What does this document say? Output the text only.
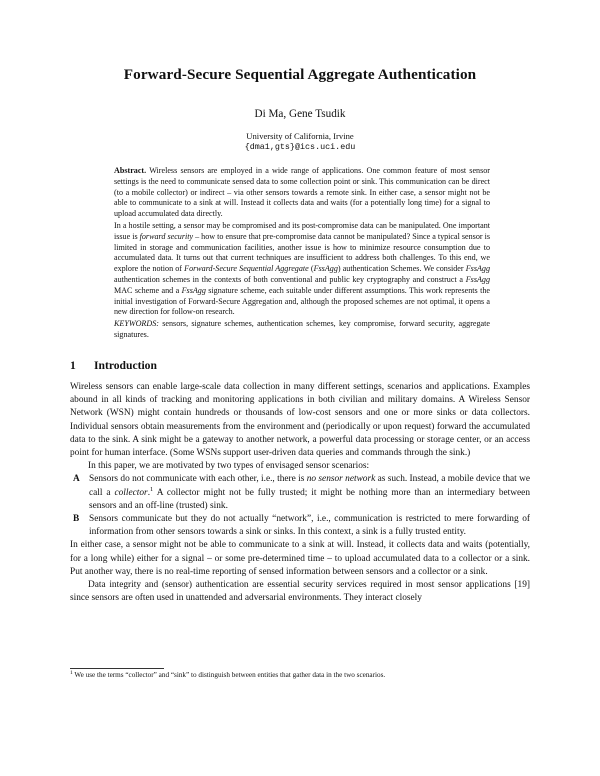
Forward-Secure Sequential Aggregate Authentication
Di Ma, Gene Tsudik
University of California, Irvine
{dma1,gts}@ics.uci.edu

Abstract. Wireless sensors are employed in a wide range of applications. One common feature of most sensor settings is the need to communicate sensed data to some collection point or sink. This communication can be direct (to a mobile collector) or indirect – via other sensors towards a remote sink. In either case, a sensor might not be able to communicate to a sink at will. Instead it collects data and waits (for a potentially long time) for a signal to upload accumulated data directly.

In a hostile setting, a sensor may be compromised and its post-compromise data can be manipulated. One important issue is forward security – how to ensure that pre-compromise data cannot be manipulated? Since a typical sensor is limited in storage and communication facilities, another issue is how to minimize resource consumption due to accumulated data. It turns out that current techniques are insufficient to address both challenges. To this end, we explore the notion of Forward-Secure Sequential Aggregate (FssAgg) authentication Schemes. We consider FssAgg authentication schemes in the contexts of both conventional and public key cryptography and construct a FssAgg MAC scheme and a FssAgg signature scheme, each suitable under different assumptions. This work represents the initial investigation of Forward-Secure Aggregation and, although the proposed schemes are not optimal, it opens a new direction for follow-on research.

KEYWORDS: sensors, signature schemes, authentication schemes, key compromise, forward security, aggregate signatures.

1 Introduction

Wireless sensors can enable large-scale data collection in many different settings, scenarios and applications. Examples abound in all kinds of tracking and monitoring applications in both civilian and military domains. A Wireless Sensor Network (WSN) might contain hundreds or thousands of low-cost sensors and one or more sinks or data collectors. Individual sensors obtain measurements from the environment and (periodically or upon request) forward the accumulated data to the sink. A sink might be a gateway to another network, a powerful data processing or storage center, or an access point for human interface. (Some WSNs support user-driven data queries and commands through the sink.)

In this paper, we are motivated by two types of envisaged sensor scenarios:

A Sensors do not communicate with each other, i.e., there is no sensor network as such. Instead, a mobile device that we call a collector.$^1$ A collector might not be fully trusted; it might be nothing more than an intermediary between sensors and an off-line (trusted) sink.
B Sensors communicate but they do not actually “network”, i.e., communication is restricted to mere forwarding of information from other sensors towards a sink or sinks. In this context, a sink is a fully trusted entity.

In either case, a sensor might not be able to communicate to a sink at will. Instead, it collects data and waits (potentially, for a long while) either for a signal – or some pre-determined time – to upload accumulated data to a collector or a sink. Put another way, there is no real-time reporting of sensed information between sensors and a collector or a sink.

Data integrity and (sensor) authentication are essential security services required in most sensor applications [19] since sensors are often used in unattended and adversarial environments. They interact closely

$^1$ We use the terms “collector” and “sink” to distinguish between entities that gather data in the two scenarios.
